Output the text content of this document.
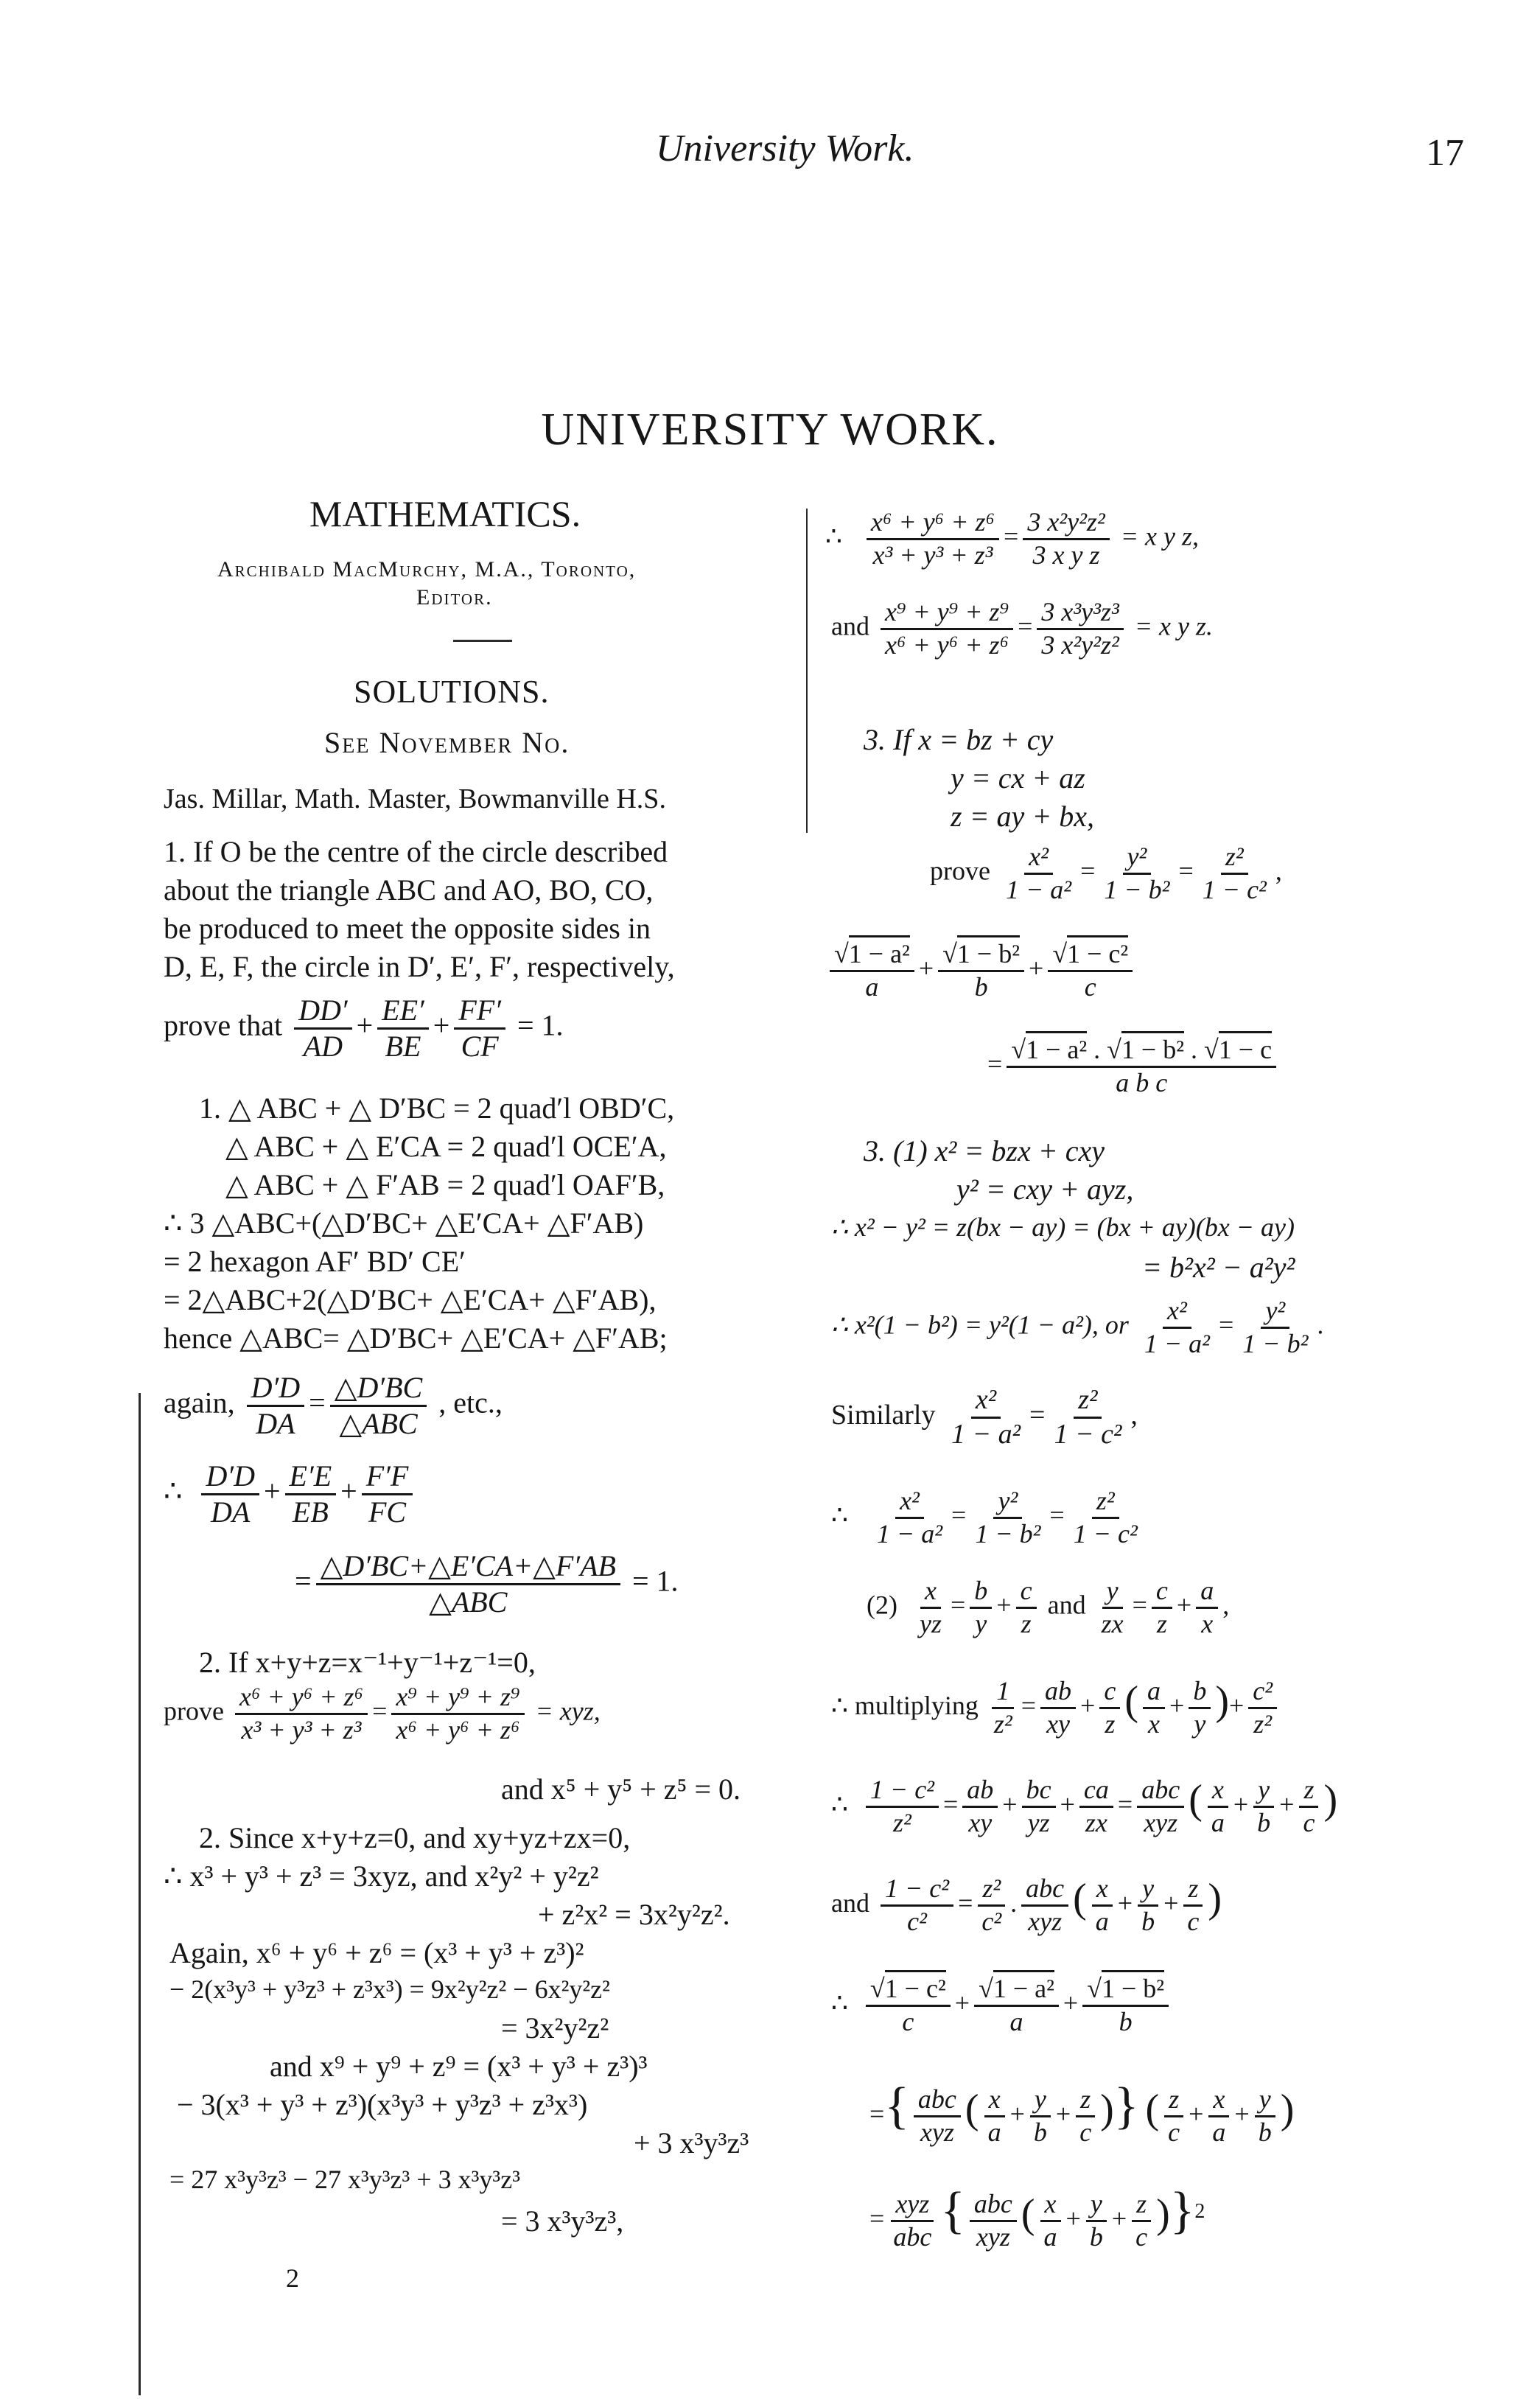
University Work.	17
UNIVERSITY WORK.
MATHEMATICS.
Archibald MacMurchy, M.A., Toronto,
Editor.
SOLUTIONS.
See November No.
Jas. Millar, Math. Master, Bowmanville H.S.
1. If O be the centre of the circle described
about the triangle ABC and AO, BO, CO,
be produced to meet the opposite sides in
D, E, F, the circle in D′, E′, F′, respectively,
prove that $\frac{DD'}{AD} + \frac{EE'}{BE} + \frac{FF'}{CF} = 1$.
1. △ ABC + △ D′BC = 2 quad′l OBD′C,
△ ABC + △ E′CA = 2 quad′l OCE′A,
△ ABC + △ F′AB = 2 quad′l OAF′B,
∴ 3 △ABC+(△D′BC+ △E′CA+ △F′AB)
= 2 hexagon AF′ BD′ CE′
= 2△ABC+2(△D′BC+ △E′CA+ △F′AB),
hence △ABC= △D′BC+ △E′CA+ △F′AB;
again, $\frac{D'D}{DA} = \frac{\triangle D'BC}{\text{△ABC}}$ , etc.,
∴ $\frac{D'D}{DA} + \frac{E'E}{EB} + \frac{F'F}{FC}$
= $\frac{\triangle D'BC+\triangle E'CA+\triangle F'AB}{\text{△ABC}} = 1$.
2. If x+y+z=x⁻¹+y⁻¹+z⁻¹=0,
prove $\frac{\text{x⁶ + y⁶ + z⁶}}{\text{x³ + y³ + z³}} = \frac{\text{x⁹ + y⁹ + z⁹}}{\text{x⁶ + y⁶ + z⁶}}$ = xyz,
and x⁵ + y⁵ + z⁵ = 0.
2. Since x+y+z=0, and xy+yz+zx=0,
∴ x³ + y³ + z³ = 3xyz, and x²y² + y²z²
+ z²x² = 3x²y²z².
Again, x⁶ + y⁶ + z⁶ = (x³ + y³ + z³)²
− 2(x³y³ + y³z³ + z³x³) = 9x²y²z² − 6x²y²z²
= 3x²y²z²
and x⁹ + y⁹ + z⁹ = (x³ + y³ + z³)³
− 3(x³ + y³ + z³)(x³y³ + y³z³ + z³x³)
+ 3 x³y³z³
= 27 x³y³z³ − 27 x³y³z³ + 3 x³y³z³
= 3 x³y³z³,
2
∴ $\frac{\text{x⁶ + y⁶ + z⁶}}{\text{x³ + y³ + z³}} = \frac{\text{3 x²y²z²}}{\text{3 x y z}} = x$ y z,
and $\frac{\text{x⁹ + y⁹ + z⁹}}{\text{x⁶ + y⁶ + z⁶}} = \frac{\text{3 x³y³z³}}{\text{3 x²y²z²}} = x$ y z.
3. If x = bz + cy
y = cx + az
z = ay + bx,
prove $\frac{\text{x²}}{\text{1 − a²}} = \frac{\text{y²}}{\text{1 − b²}} = \frac{\text{z²}}{\text{1 − c²}}$ ,
$\frac{\text{√1 − a²}}{a} + \frac{\text{√1 − b²}}{b} + \frac{\text{√1 − c²}}{c}$
= $\frac{\text{√1 − a² . √1 − b² . √1 − c}}{\text{a b c}}$
3. (1) x² = bzx + cxy
y² = cxy + ayz,
∴ x² − y² = z(bx − ay) = (bx + ay)(bx − ay)
= b²x² − a²y²
∴ x²(1 − b²) = y²(1 − a²), or $\frac{\text{x²}}{\text{1 − a²}} = \frac{\text{y²}}{\text{1 − b²}}$ .
Similarly $\frac{\text{x²}}{\text{1 − a²}} = \frac{\text{z²}}{\text{1 − c²}}$ ,
∴ $\frac{\text{x²}}{\text{1 − a²}} = \frac{\text{y²}}{\text{1 − b²}} = \frac{\text{z²}}{\text{1 − c²}}$
$(2) \frac{x}{yz} = \frac{b}{y} + \frac{c}{z}$ and $\frac{y}{zx} = \frac{c}{z} + \frac{a}{x}$ ,
∴ multiplying $\frac{1}{\text{z²}} = \frac{ab}{xy} + \frac{c}{z}$ ( $\frac{a}{x} + \frac{b}{y}$ )+ $\frac{\text{c²}}{\text{z²}}$
∴ $\frac{\text{1 − c²}}{\text{z²}} = \frac{ab}{xy} + \frac{bc}{yz} + \frac{ca}{zx} = \frac{\text{abc}}{\text{xyz}}$ ( $\frac{x}{a} + \frac{y}{b} + \frac{z}{c}$ )
and $\frac{\text{1 − c²}}{\text{c²}} = \frac{\text{z²}}{\text{c²}}$ . $\frac{\text{abc}}{\text{xyz}}$ ( $\frac{x}{a} + \frac{y}{b} + \frac{z}{c}$ )
∴ $\frac{\text{√1 − c²}}{c} + \frac{\text{√1 − a²}}{a} + \frac{\text{√1 − b²}}{b}$
={ $\frac{\text{abc}}{\text{xyz}}$ ( $\frac{x}{a} + \frac{y}{b} + \frac{z}{c}$ )} ( $\frac{z}{c} + \frac{x}{a} + \frac{y}{b}$ )
= $\frac{\text{xyz}}{\text{abc}}$ { $\frac{\text{abc}}{\text{xyz}}$ ( $\frac{x}{a} + \frac{y}{b} + \frac{z}{c} )\}^2$
